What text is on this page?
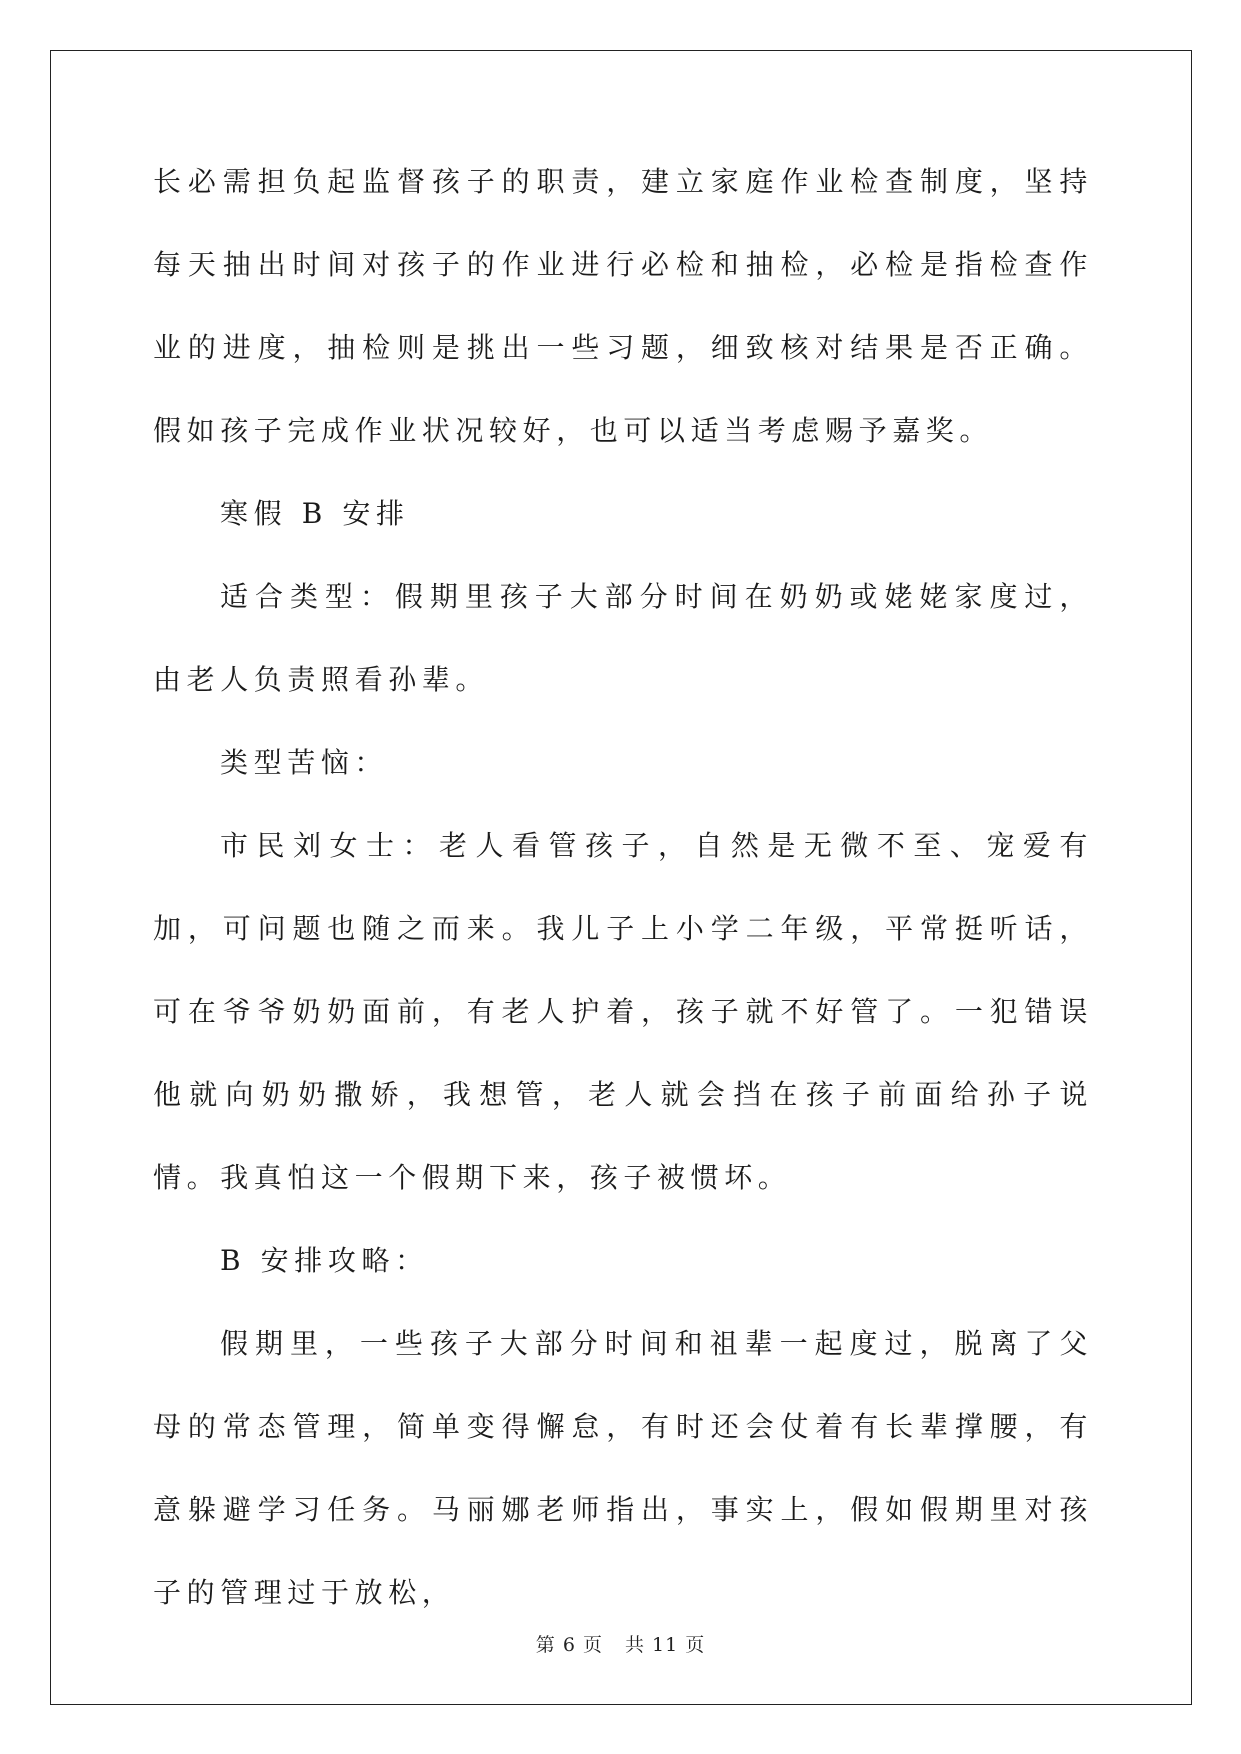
长必需担负起监督孩子的职责，建立家庭作业检查制度，坚持每天抽出时间对孩子的作业进行必检和抽检，必检是指检查作业的进度，抽检则是挑出一些习题，细致核对结果是否正确。假如孩子完成作业状况较好，也可以适当考虑赐予嘉奖。

寒假 B 安排

适合类型：假期里孩子大部分时间在奶奶或姥姥家度过，由老人负责照看孙辈。

类型苦恼：

市民刘女士：老人看管孩子，自然是无微不至、宠爱有加，可问题也随之而来。我儿子上小学二年级，平常挺听话，可在爷爷奶奶面前，有老人护着，孩子就不好管了。一犯错误他就向奶奶撒娇，我想管，老人就会挡在孩子前面给孙子说情。我真怕这一个假期下来，孩子被惯坏。

B 安排攻略：

假期里，一些孩子大部分时间和祖辈一起度过，脱离了父母的常态管理，简单变得懈怠，有时还会仗着有长辈撑腰，有意躲避学习任务。马丽娜老师指出，事实上，假如假期里对孩子的管理过于放松，

第 6 页 共 11 页
